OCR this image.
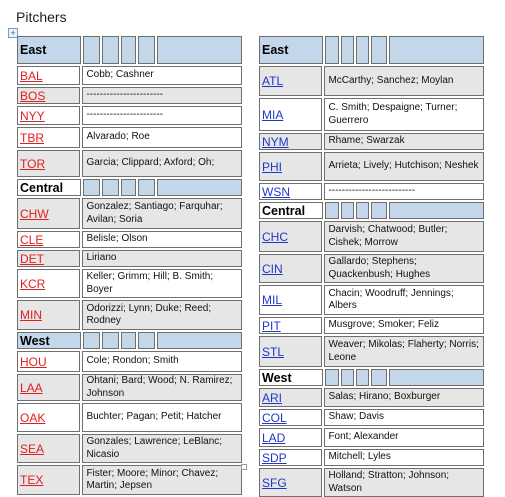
Pitchers
+
East
BAL	Cobb; Cashner
BOS	-----------------------
NYY	-----------------------
TBR	Alvarado; Roe
TOR	Garcia; Clippard; Axford; Oh;
Central
CHW	Gonzalez; Santiago; Farquhar; Avilan; Soria
CLE	Belisle; Olson
DET	Liriano
KCR	Keller; Grimm; Hill; B. Smith; Boyer
MIN	Odorizzi; Lynn; Duke; Reed; Rodney
West
HOU	Cole; Rondon; Smith
LAA	Ohtani; Bard; Wood; N. Ramirez; Johnson
OAK	Buchter; Pagan; Petit; Hatcher
SEA	Gonzales; Lawrence; LeBlanc; Nicasio
TEX	Fister; Moore; Minor; Chavez; Martin; Jepsen
East
ATL	McCarthy; Sanchez; Moylan
MIA	C. Smith; Despaigne; Turner; Guerrero
NYM	Rhame; Swarzak
PHI	Arrieta; Lively; Hutchison; Neshek
WSN	--------------------------
Central
CHC	Darvish; Chatwood; Butler; Cishek; Morrow
CIN	Gallardo; Stephens; Quackenbush; Hughes
MIL	Chacin; Woodruff; Jennings; Albers
PIT	Musgrove; Smoker; Feliz
STL	Weaver; Mikolas; Flaherty; Norris; Leone
West
ARI	Salas; Hirano; Boxburger
COL	Shaw; Davis
LAD	Font; Alexander
SDP	Mitchell; Lyles
SFG	Holland; Stratton; Johnson; Watson
